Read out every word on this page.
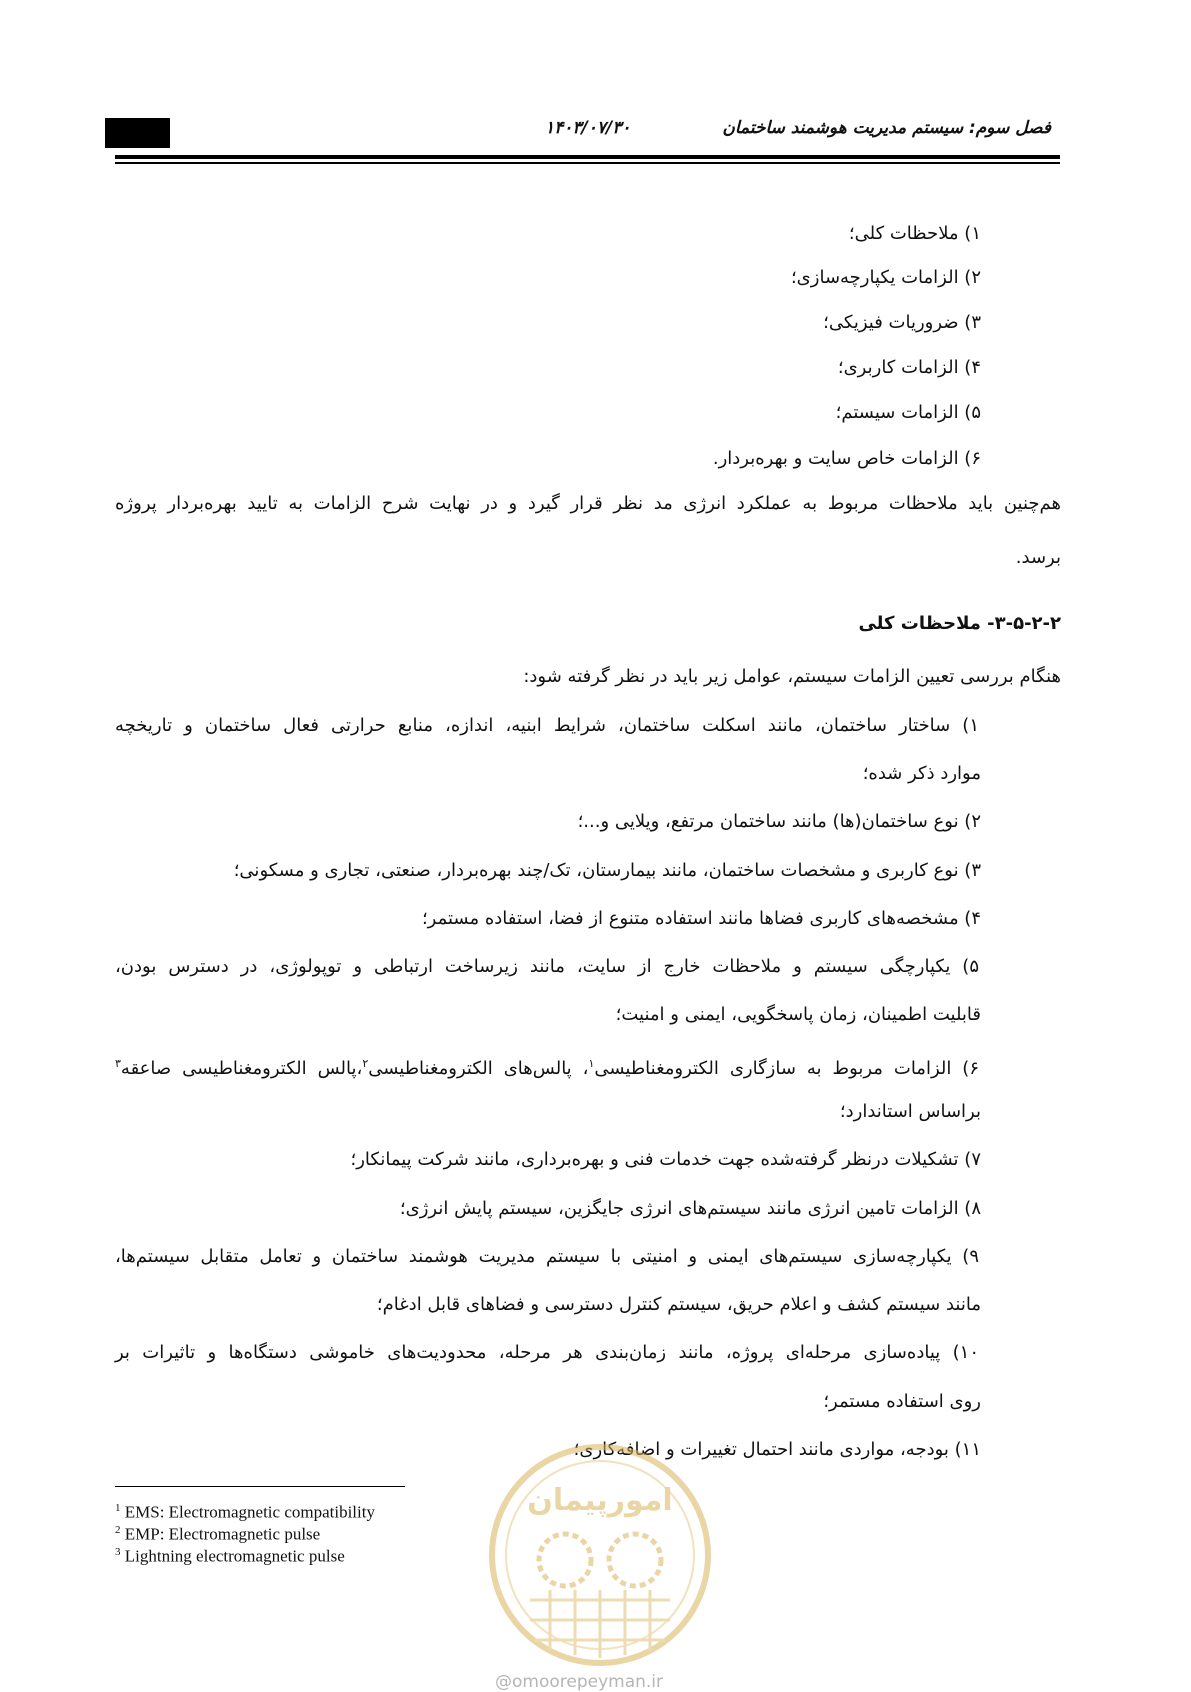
فصل سوم: سیستم مدیریت هوشمند ساختمان
۱۴۰۳/۰۷/۳۰
۱) ملاحظات کلی؛
۲) الزامات یکپارچه‌سازی؛
۳) ضروریات فیزیکی؛
۴) الزامات کاربری؛
۵) الزامات سیستم؛
۶) الزامات خاص سایت و بهره‌بردار.
هم‌چنین باید ملاحظات مربوط به عملکرد انرژی مد نظر قرار گیرد و در نهایت شرح الزامات به تایید بهره‌بردار پروژه
برسد.
۳-۵-۲-۲- ملاحظات کلی
هنگام بررسی تعیین الزامات سیستم، عوامل زیر باید در نظر گرفته شود:
۱) ساختار ساختمان، مانند اسکلت ساختمان، شرایط ابنیه، اندازه، منابع حرارتی فعال ساختمان و تاریخچه
موارد ذکر شده؛
۲) نوع ساختمان(ها) مانند ساختمان مرتفع، ویلایی و...؛
۳) نوع کاربری و مشخصات ساختمان، مانند بیمارستان، تک/چند بهره‌بردار، صنعتی، تجاری و مسکونی؛
۴) مشخصه‌های کاربری فضاها مانند استفاده متنوع از فضا، استفاده مستمر؛
۵) یکپارچگی سیستم و ملاحظات خارج از سایت، مانند زیرساخت ارتباطی و توپولوژی، در دسترس بودن،
قابلیت اطمینان، زمان پاسخگویی، ایمنی و امنیت؛
۶) الزامات مربوط به سازگاری الکترومغناطیسی$^۱$، پالس‌های الکترومغناطیسی$^۲$،پالس الکترومغناطیسی صاعقه$^۳$
براساس استاندارد؛
۷) تشکیلات درنظر گرفته‌شده جهت خدمات فنی و بهره‌برداری، مانند شرکت پیمانکار؛
۸) الزامات تامین انرژی مانند سیستم‌های انرژی جایگزین، سیستم پایش انرژی؛
۹) یکپارچه‌سازی سیستم‌های ایمنی و امنیتی با سیستم مدیریت هوشمند ساختمان و تعامل متقابل سیستم‌ها،
مانند سیستم کشف و اعلام حریق، سیستم کنترل دسترسی و فضاهای قابل ادغام؛
۱۰) پیاده‌سازی مرحله‌ای پروژه، مانند زمان‌بندی هر مرحله، محدودیت‌های خاموشی دستگاه‌ها و تاثیرات بر
روی استفاده مستمر؛
۱۱) بودجه، مواردی مانند احتمال تغییرات و اضافه‌کاری؛
امورپیمان
$^1$ EMS: Electromagnetic compatibility
$^2$ EMP: Electromagnetic pulse
$^3$ Lightning electromagnetic pulse
@omoorepeyman.ir
